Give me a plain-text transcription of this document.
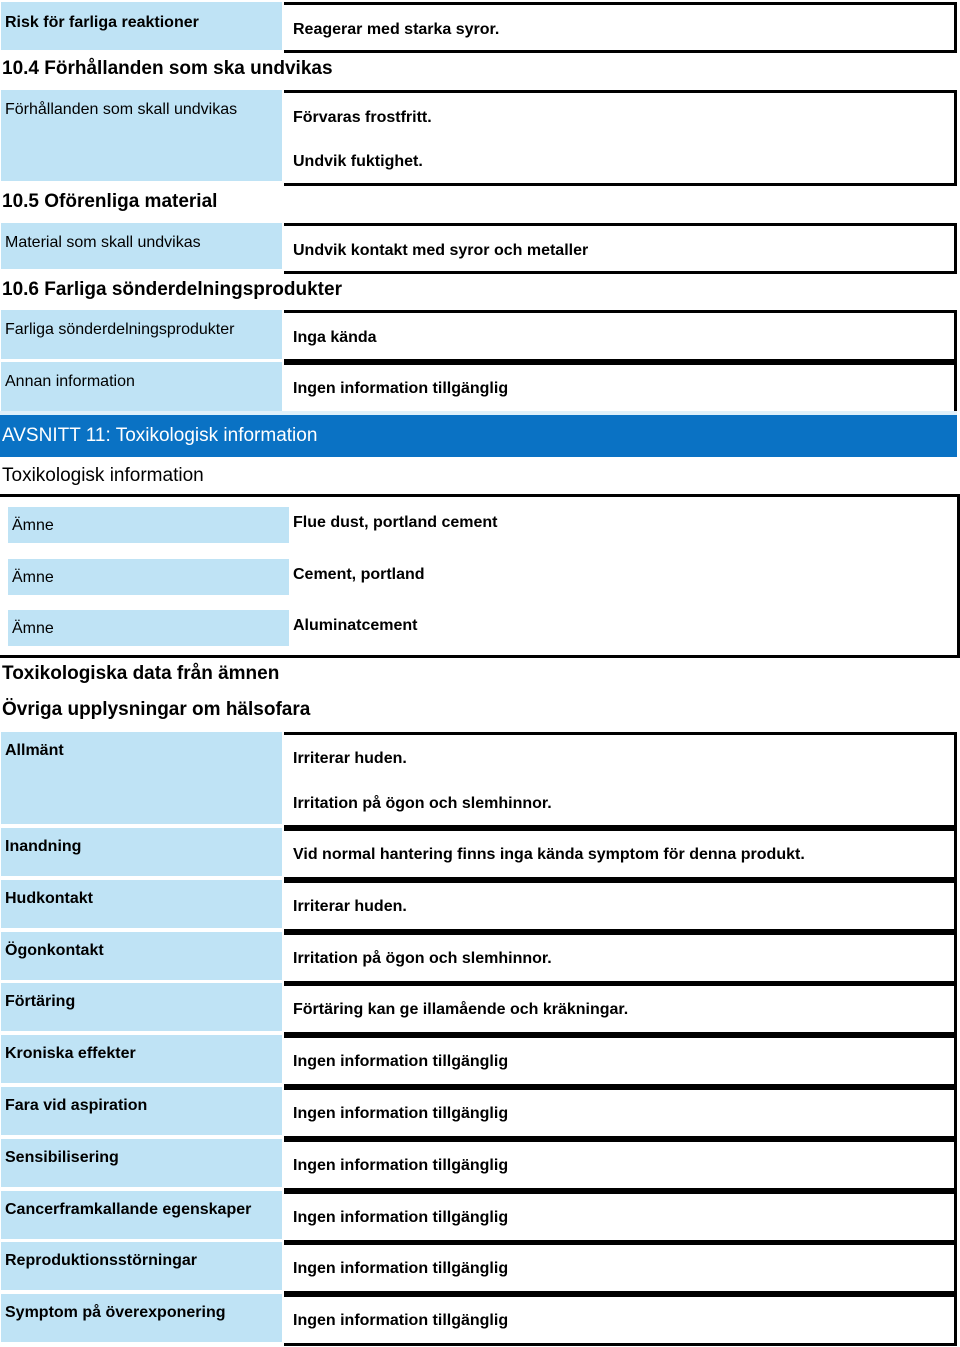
Risk för farliga reaktioner	Reagerar med starka syror.
10.4 Förhållanden som ska undvikas
Förhållanden som skall undvikas	Förvaras frostfritt.
Undvik fuktighet.
10.5 Oförenliga material
Material som skall undvikas	Undvik kontakt med syror och metaller
10.6 Farliga sönderdelningsprodukter
Farliga sönderdelningsprodukter	Inga kända
Annan information	Ingen information tillgänglig
AVSNITT 11: Toxikologisk information
Toxikologisk information
Ämne	Flue dust, portland cement
Ämne	Cement, portland
Ämne	Aluminatcement
Toxikologiska data från ämnen
Övriga upplysningar om hälsofara
Allmänt	Irriterar huden.
Irritation på ögon och slemhinnor.
Inandning	Vid normal hantering finns inga kända symptom för denna produkt.
Hudkontakt	Irriterar huden.
Ögonkontakt	Irritation på ögon och slemhinnor.
Förtäring	Förtäring kan ge illamående och kräkningar.
Kroniska effekter	Ingen information tillgänglig
Fara vid aspiration	Ingen information tillgänglig
Sensibilisering	Ingen information tillgänglig
Cancerframkallande egenskaper	Ingen information tillgänglig
Reproduktionsstörningar	Ingen information tillgänglig
Symptom på överexponering	Ingen information tillgänglig
